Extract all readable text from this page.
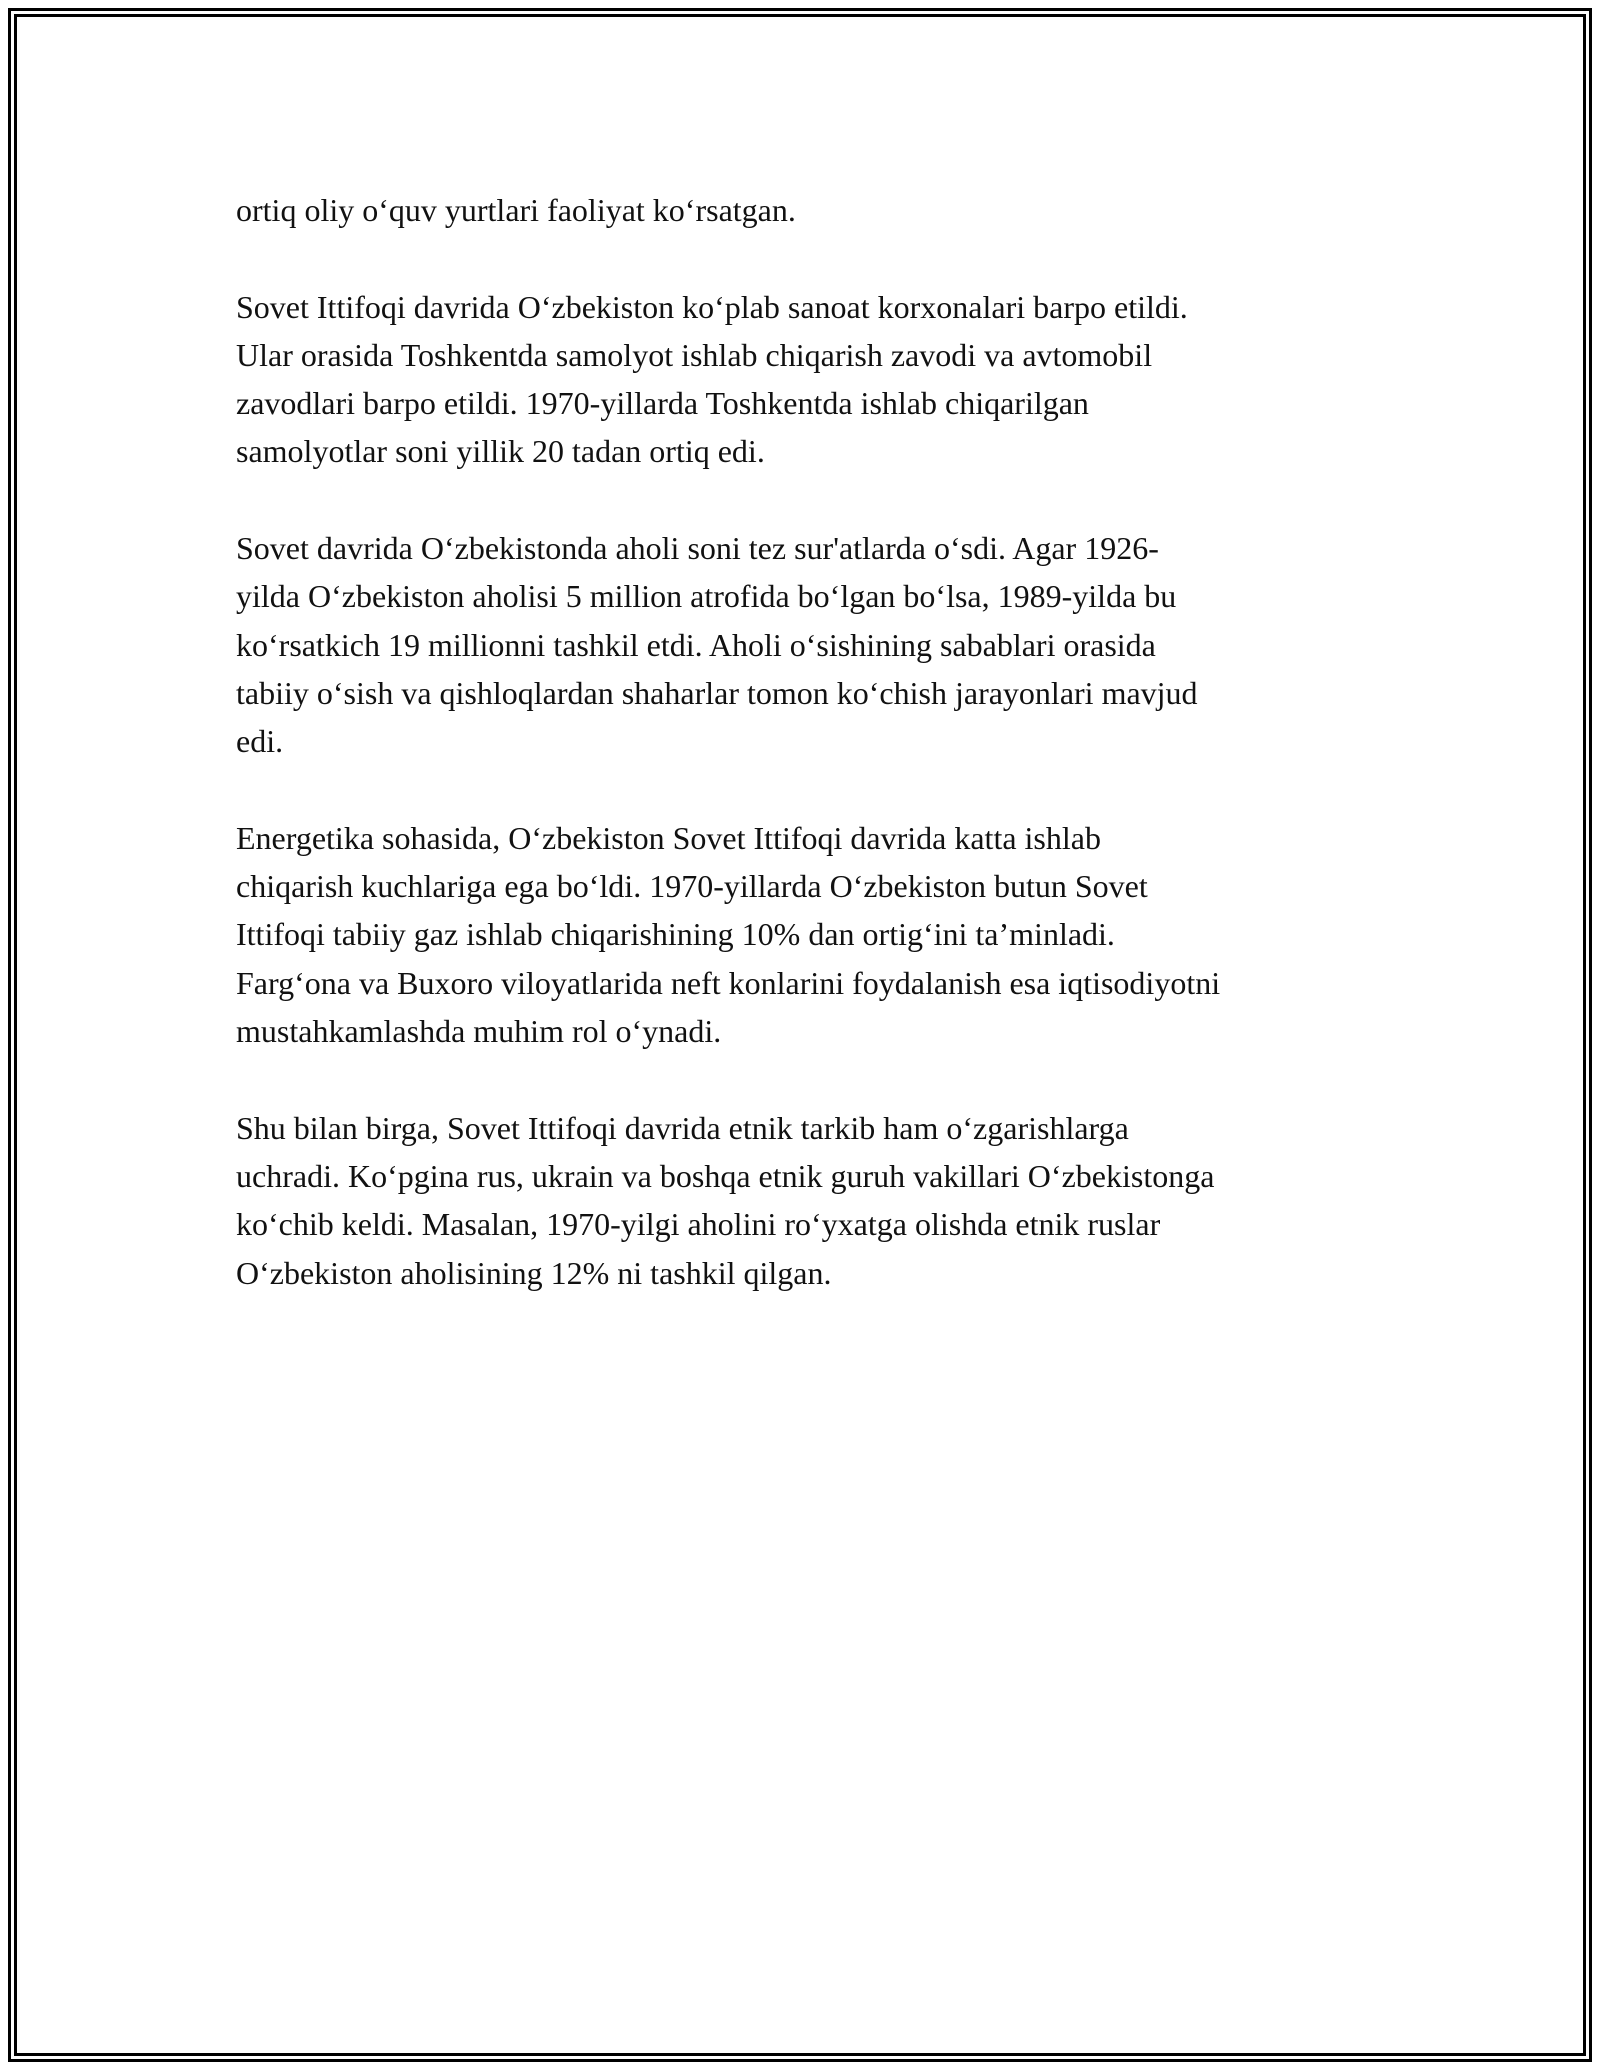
ortiq oliy o‘quv yurtlari faoliyat ko‘rsatgan.

Sovet Ittifoqi davrida O‘zbekiston ko‘plab sanoat korxonalari barpo etildi.
Ular orasida Toshkentda samolyot ishlab chiqarish zavodi va avtomobil
zavodlari barpo etildi. 1970-yillarda Toshkentda ishlab chiqarilgan
samolyotlar soni yillik 20 tadan ortiq edi.

Sovet davrida O‘zbekistonda aholi soni tez sur'atlarda o‘sdi. Agar 1926-
yilda O‘zbekiston aholisi 5 million atrofida bo‘lgan bo‘lsa, 1989-yilda bu
ko‘rsatkich 19 millionni tashkil etdi. Aholi o‘sishining sabablari orasida
tabiiy o‘sish va qishloqlardan shaharlar tomon ko‘chish jarayonlari mavjud
edi.

Energetika sohasida, O‘zbekiston Sovet Ittifoqi davrida katta ishlab
chiqarish kuchlariga ega bo‘ldi. 1970-yillarda O‘zbekiston butun Sovet
Ittifoqi tabiiy gaz ishlab chiqarishining 10% dan ortig‘ini ta’minladi.
Farg‘ona va Buxoro viloyatlarida neft konlarini foydalanish esa iqtisodiyotni
mustahkamlashda muhim rol o‘ynadi.

Shu bilan birga, Sovet Ittifoqi davrida etnik tarkib ham o‘zgarishlarga
uchradi. Ko‘pgina rus, ukrain va boshqa etnik guruh vakillari O‘zbekistonga
ko‘chib keldi. Masalan, 1970-yilgi aholini ro‘yxatga olishda etnik ruslar
O‘zbekiston aholisining 12% ni tashkil qilgan.
